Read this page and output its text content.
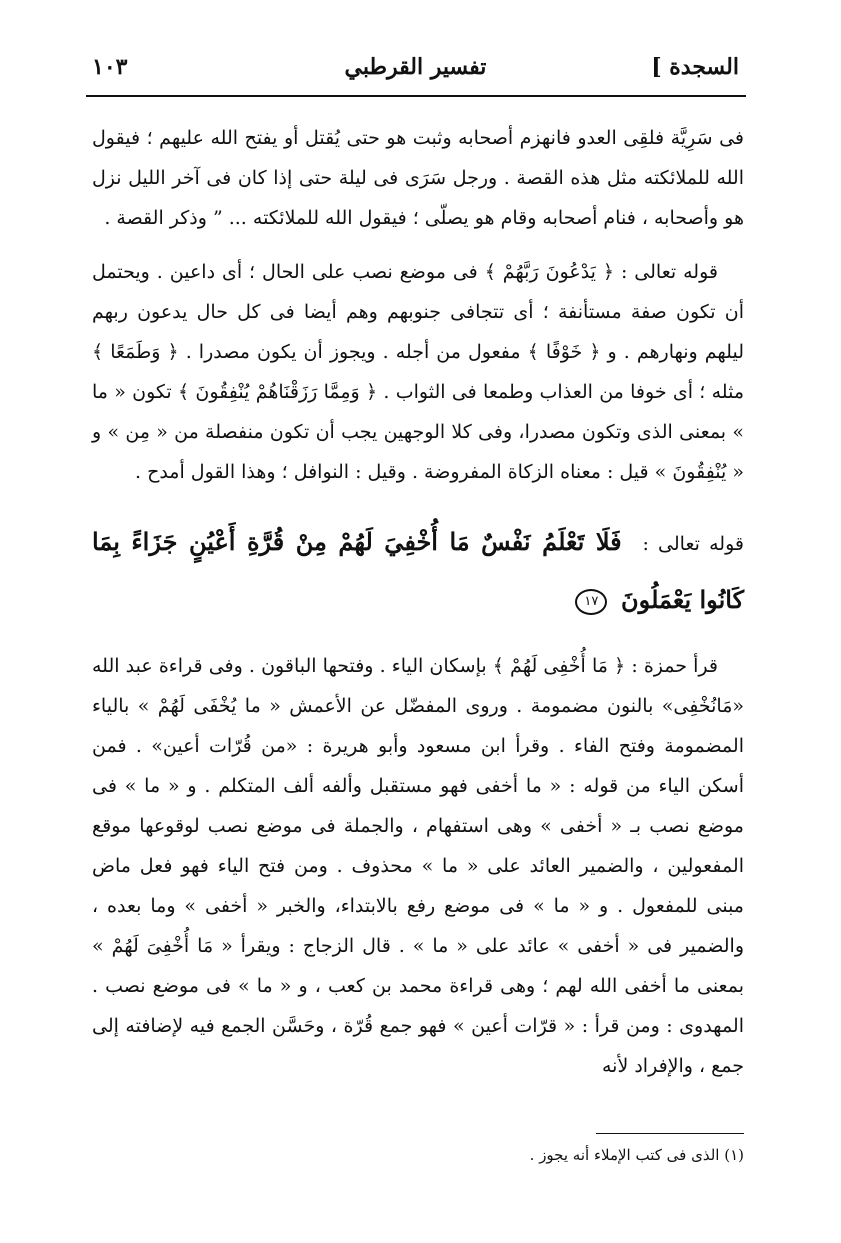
السجدة ]
تفسير القرطبي
١٠٣

فى سَرِيَّة فلقِى العدو فانهزم أصحابه وثبت هو حتى يُقتل أو يفتح الله عليهم ؛ فيقول الله للملائكته مثل هذه القصة . ورجل سَرَى فى ليلة حتى إذا كان فى آخر الليل نزل هو وأصحابه ، فنام أصحابه وقام هو يصلّى ؛ فيقول الله للملائكته ... ” وذكر القصة .

قوله تعالى : ﴿ يَدْعُونَ رَبَّهُمْ ﴾ فى موضع نصب على الحال ؛ أى داعين . ويحتمل أن تكون صفة مستأنفة ؛ أى تتجافى جنوبهم وهم أيضا فى كل حال يدعون ربهم ليلهم ونهارهم . و ﴿ خَوْفًا ﴾ مفعول من أجله . ويجوز أن يكون مصدرا . ﴿ وَطَمَعًا ﴾ مثله ؛ أى خوفا من العذاب وطمعا فى الثواب . ﴿ وَمِمَّا رَزَقْنَاهُمْ يُنْفِقُونَ ﴾ تكون « ما » بمعنى الذى وتكون مصدرا، وفى كلا الوجهين يجب أن تكون منفصلة من « مِن » و « يُنْفِقُونَ » قيل : معناه الزكاة المفروضة . وقيل : النوافل ؛ وهذا القول أمدح .

قوله تعالى : فَلَا تَعْلَمُ نَفْسٌ مَا أُخْفِيَ لَهُمْ مِنْ قُرَّةِ أَعْيُنٍ جَزَاءً بِمَا كَانُوا يَعْمَلُونَ ١٧

قرأ حمزة : ﴿ مَا أُخْفِى لَهُمْ ﴾ بإسكان الياء . وفتحها الباقون . وفى قراءة عبد الله «مَانُخْفِى» بالنون مضمومة . وروى المفضّل عن الأعمش « ما يُخْفَى لَهُمْ » بالياء المضمومة وفتح الفاء . وقرأ ابن مسعود وأبو هريرة : «من قُرّات أعين» . فمن أسكن الياء من قوله : « ما أخفى فهو مستقبل وألفه ألف المتكلم . و « ما » فى موضع نصب بـ « أخفى » وهى استفهام ، والجملة فى موضع نصب لوقوعها موقع المفعولين ، والضمير العائد على « ما » محذوف . ومن فتح الياء فهو فعل ماض مبنى للمفعول . و « ما » فى موضع رفع بالابتداء، والخبر « أخفى » وما بعده ، والضمير فى « أخفى » عائد على « ما » . قال الزجاج : ويقرأ « مَا أُخْفِىَ لَهُمْ » بمعنى ما أخفى الله لهم ؛ وهى قراءة محمد بن كعب ، و « ما » فى موضع نصب . المهدوى : ومن قرأ : « قرّات أعين » فهو جمع قُرّة ، وحَسَّن الجمع فيه لإضافته إلى جمع ، والإفراد لأنه

(١) الذى فى كتب الإملاء أنه يجوز .
